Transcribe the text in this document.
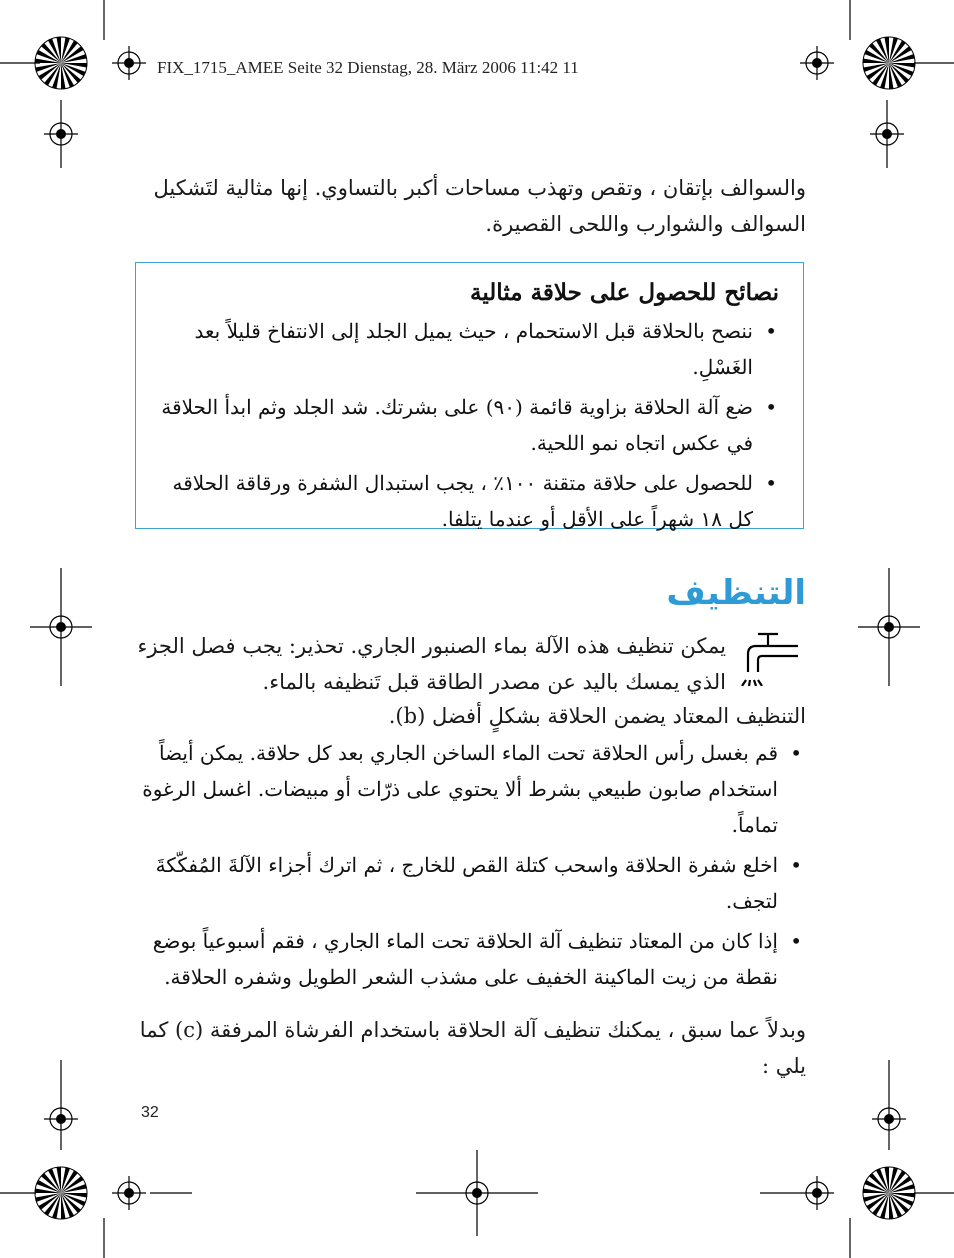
FIX_1715_AMEE Seite 32 Dienstag, 28. März 2006 11:42 11
والسوالف بإتقان ، وتقص وتهذب مساحات أكبر بالتساوي. إنها مثالية لتَشكيل
السوالف والشوارب واللحى القصيرة.
نصائح للحصول على حلاقة مثالية
• ننصح بالحلاقة قبل الاستحمام ، حيث يميل الجلد إلى الانتفاخ قليلاً بعد الغَسْلِ.
• ضع آلة الحلاقة بزاوية قائمة (٩٠) على بشرتك. شد الجلد وثم ابدأ الحلاقة في عكس اتجاه نمو اللحية.
• للحصول على حلاقة متقنة ١٠٠٪ ، يجب استبدال الشفرة ورقاقة الحلاقه كل ١٨ شهراً على الأقل أو عندما يتلفا.
التنظيف
يمكن تنظيف هذه الآلة بماء الصنبور الجاري. تحذير: يجب فصل الجزء
الذي يمسك باليد عن مصدر الطاقة قبل تَنظيفه بالماء.
التنظيف المعتاد يضمن الحلاقة بشكلٍ أفضل (b).
• قم بغسل رأس الحلاقة تحت الماء الساخن الجاري بعد كل حلاقة. يمكن أيضاً استخدام صابون طبيعي بشرط ألا يحتوي على ذرّات أو مبيضات. اغسل الرغوة تماماً.
• اخلع شفرة الحلاقة واسحب كتلة القص للخارج ، ثم اترك أجزاء الآلةَ المُفكّكةَ لتجف.
• إذا كان من المعتاد تنظيف آلة الحلاقة تحت الماء الجاري ، فقم أسبوعياً بوضع نقطة من زيت الماكينة الخفيف على مشذب الشعر الطويل وشفره الحلاقة.
وبدلاً عما سبق ، يمكنك تنظيف آلة الحلاقة باستخدام الفرشاة المرفقة (c) كما يلي :
32
